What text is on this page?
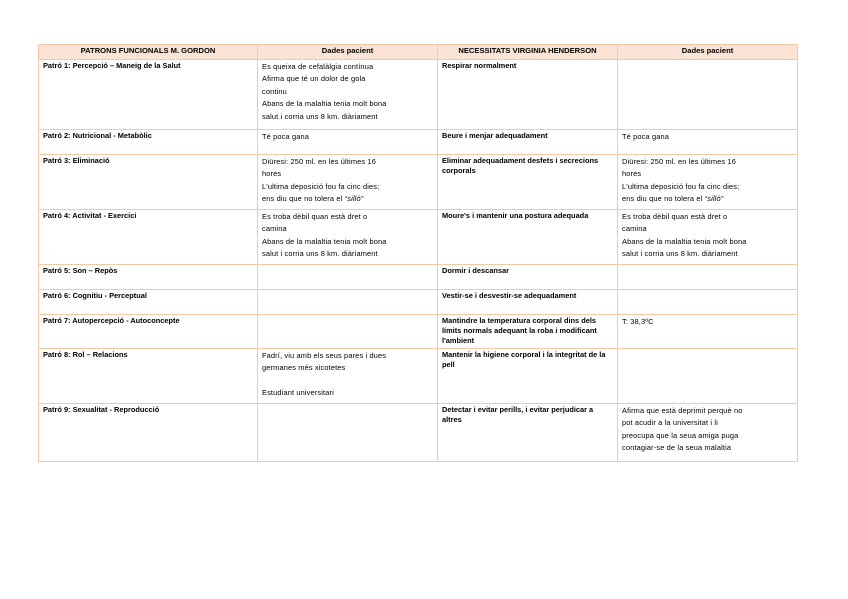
PATRONS FUNCIONALS M. GORDON	Dades pacient	NECESSITATS VIRGINIA HENDERSON	Dades pacient
Patró 1: Percepció – Maneig de la Salut	Es queixa de cefalàlgia contínua
Afirma que té un dolor de gola
continu
Abans de la malaltia tenia molt bona
salut i corria uns 8 km. diàriament	Respirar normalment	
Patró 2: Nutricional - Metabòlic	Té poca gana	Beure i menjar adequadament	Té poca gana

Patró 3: Eliminació	Diüresi: 250 ml. en les últimes 16
hores
L'ultima deposició fou fa cinc dies;
ens diu que no tolera el “silló”	Eliminar adequadament desfets i secrecions corporals	Diüresi: 250 ml. en les últimes 16
hores
L'ultima deposició fou fa cinc dies;
ens diu que no tolera el “silló”

Patró 4: Activitat - Exercici	Es troba dèbil quan està dret o
camina
Abans de la malaltia tenia molt bona
salut i corria uns 8 km. diàriament	Moure's i mantenir una postura adequada	Es troba dèbil quan està dret o
camina
Abans de la malaltia tenia molt bona
salut i corria uns 8 km. diàriament

Patró 5: Son – Repòs		Dormir i descansar	
Patró 6: Cognitiu - Perceptual		Vestir-se i desvestir-se adequadament	
Patró 7: Autopercepció - Autoconcepte		Mantindre la temperatura corporal dins dels límits normals adequant la roba i modificant l'ambient	T: 38,3ºC

Patró 8: Rol – Relacions	Fadrí, viu amb els seus pares i dues
germanes més xicotetes
Estudiant universitari	Mantenir la higiene corporal i la integritat de la pell	
Patró 9: Sexualitat - Reproducció		Detectar i evitar perills, i evitar perjudicar a altres	Afirma que està deprimit perquè no
pot acudir a la universitat i li
preocupa que la seua amiga puga
contagiar-se de la seua malaltia
